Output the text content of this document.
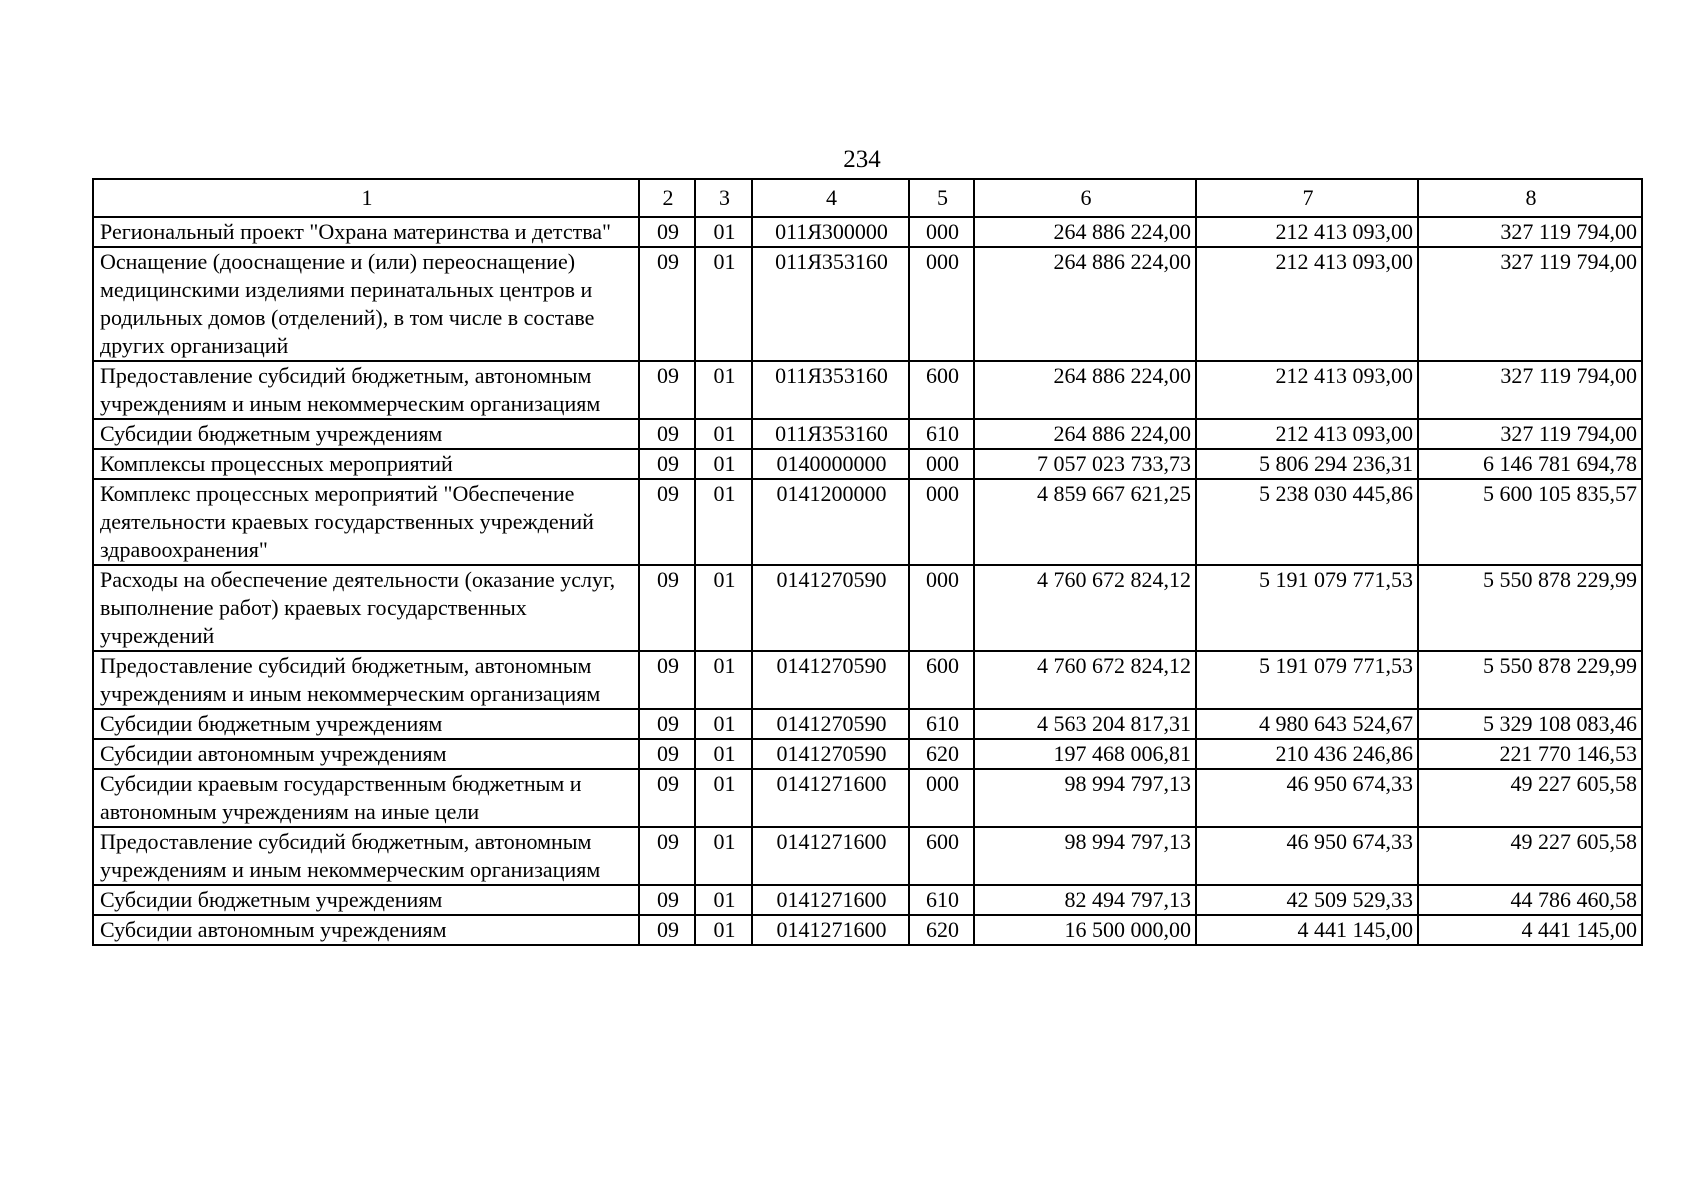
234
1	2	3	4	5	6	7	8
Региональный проект "Охрана материнства и детства"	09	01	011Я300000	000	264 886 224,00	212 413 093,00	327 119 794,00
Оснащение (дооснащение и (или) переоснащение) медицинскими изделиями перинатальных центров и родильных домов (отделений), в том числе в составе других организаций	09	01	011Я353160	000	264 886 224,00	212 413 093,00	327 119 794,00
Предоставление субсидий бюджетным, автономным учреждениям и иным некоммерческим организациям	09	01	011Я353160	600	264 886 224,00	212 413 093,00	327 119 794,00
Субсидии бюджетным учреждениям	09	01	011Я353160	610	264 886 224,00	212 413 093,00	327 119 794,00
Комплексы процессных мероприятий	09	01	0140000000	000	7 057 023 733,73	5 806 294 236,31	6 146 781 694,78
Комплекс процессных мероприятий "Обеспечение деятельности краевых государственных учреждений здравоохранения"	09	01	0141200000	000	4 859 667 621,25	5 238 030 445,86	5 600 105 835,57
Расходы на обеспечение деятельности (оказание услуг, выполнение работ) краевых государственных учреждений	09	01	0141270590	000	4 760 672 824,12	5 191 079 771,53	5 550 878 229,99
Предоставление субсидий бюджетным, автономным учреждениям и иным некоммерческим организациям	09	01	0141270590	600	4 760 672 824,12	5 191 079 771,53	5 550 878 229,99
Субсидии бюджетным учреждениям	09	01	0141270590	610	4 563 204 817,31	4 980 643 524,67	5 329 108 083,46
Субсидии автономным учреждениям	09	01	0141270590	620	197 468 006,81	210 436 246,86	221 770 146,53
Субсидии краевым государственным бюджетным и автономным учреждениям на иные цели	09	01	0141271600	000	98 994 797,13	46 950 674,33	49 227 605,58
Предоставление субсидий бюджетным, автономным учреждениям и иным некоммерческим организациям	09	01	0141271600	600	98 994 797,13	46 950 674,33	49 227 605,58
Субсидии бюджетным учреждениям	09	01	0141271600	610	82 494 797,13	42 509 529,33	44 786 460,58
Субсидии автономным учреждениям	09	01	0141271600	620	16 500 000,00	4 441 145,00	4 441 145,00
